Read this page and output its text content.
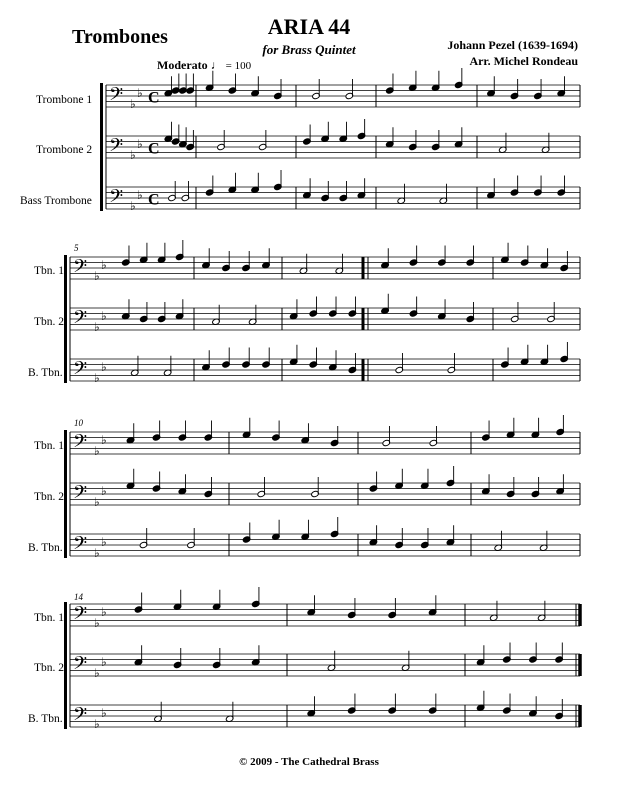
Trombones	ARIA 44
for Brass Quintet	Johann Pezel (1639-1694)
Arr. Michel Rondeau
Moderato ♩ = 100
Trombone 1
Trombone 2
Bass Trombone
5
Tbn. 1
Tbn. 2
B. Tbn.
10
Tbn. 1
Tbn. 2
B. Tbn.
14
Tbn. 1
Tbn. 2
B. Tbn.
© 2009 - The Cathedral Brass
𝄢 ♭
♭ C
𝄢 ♭
♭ C
𝄢 ♭
♭ C
𝄢 ♭
♭
𝄢 ♭
♭
𝄢 ♭
♭
𝄢 ♭
♭
𝄢 ♭
♭
𝄢 ♭
♭
𝄢 ♭
♭
𝄢 ♭
♭
𝄢 ♭
♭
